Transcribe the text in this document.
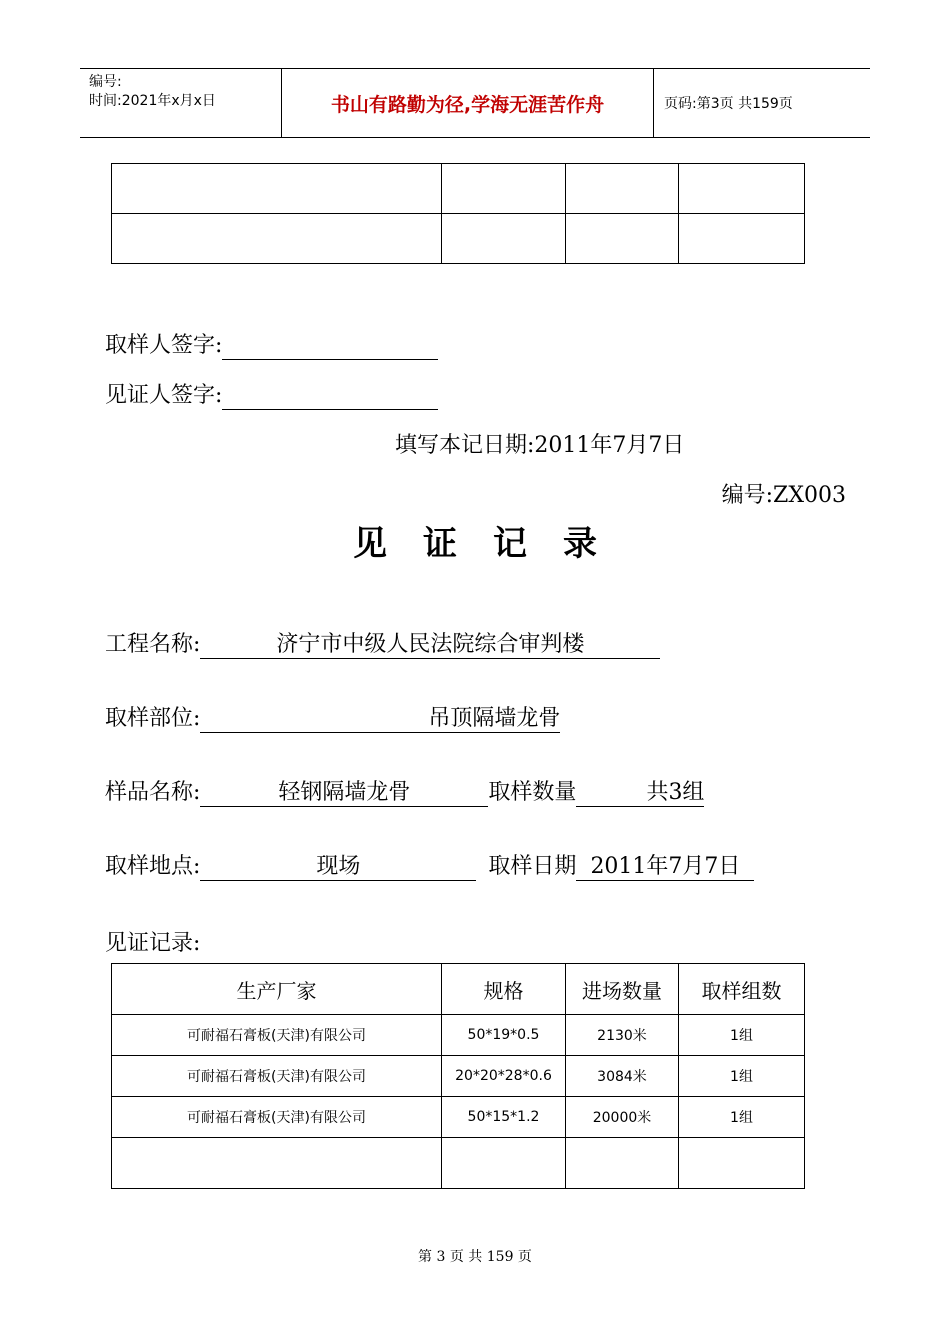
编号:
时间:2021年x月x日	书山有路勤为径,学海无涯苦作舟	页码:第3页 共159页

取样人签字:
见证人签字:
填写本记日期:2011年7月7日
编号:ZX003
见证记录
工程名称:	济宁市中级人民法院综合审判楼
取样部位:	吊顶隔墙龙骨
样品名称:	轻钢隔墙龙骨	取样数量	共3组
取样地点:	现场	取样日期 2011年7月7日
见证记录:
生产厂家	规格	进场数量	取样组数
可耐福石膏板(天津)有限公司	50*19*0.5	2130米	1组
可耐福石膏板(天津)有限公司	20*20*28*0.6	3084米	1组
可耐福石膏板(天津)有限公司	50*15*1.2	20000米	1组

第 3 页 共 159 页
